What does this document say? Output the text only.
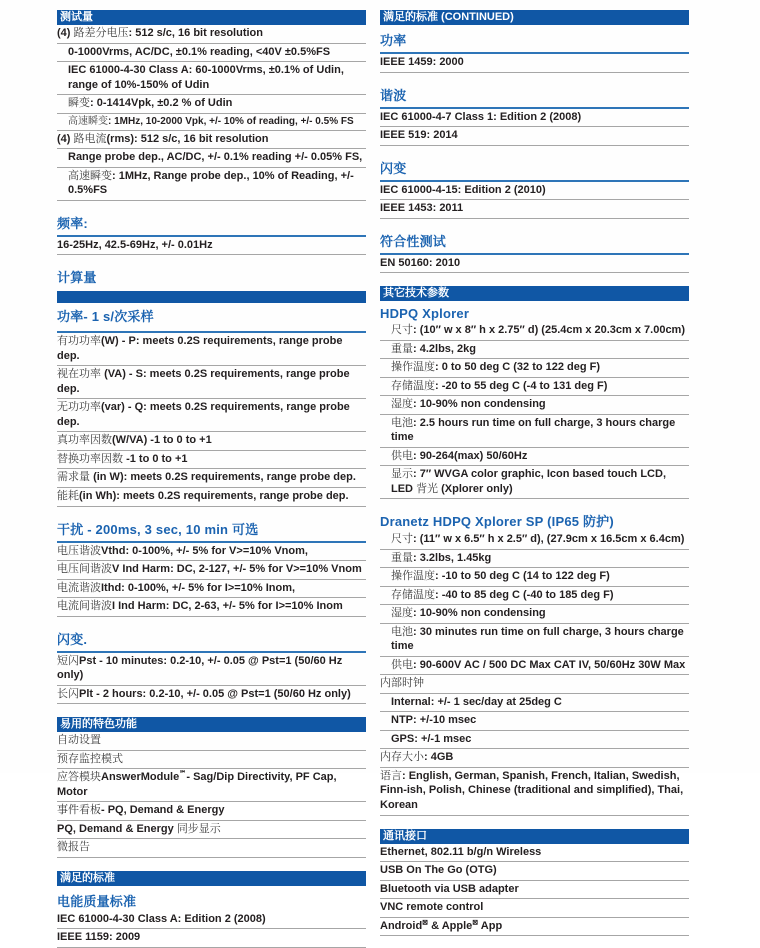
测试量
(4) 路差分电压: 512 s/c, 16 bit resolution
0-1000Vrms, AC/DC, ±0.1% reading, <40V ±0.5%FS
IEC 61000-4-30 Class A: 60-1000Vrms, ±0.1% of Udin, range of 10%-150% of Udin
瞬变: 0-1414Vpk, ±0.2 % of Udin
高速瞬变: 1MHz, 10-2000 Vpk, +/- 10% of reading, +/- 0.5% FS
(4) 路电流(rms): 512 s/c, 16 bit resolution
Range probe dep., AC/DC, +/- 0.1% reading +/- 0.05% FS,
高速瞬变: 1MHz, Range probe dep., 10% of Reading, +/- 0.5%FS
频率:
16-25Hz, 42.5-69Hz, +/- 0.01Hz
计算量
功率- 1 s/次采样
有功功率(W) - P: meets 0.2S requirements, range probe dep.
视在功率 (VA) - S: meets 0.2S requirements, range probe dep.
无功功率(var) - Q: meets 0.2S requirements, range probe dep.
真功率因数(W/VA) -1 to 0 to +1
替换功率因数 -1 to 0 to +1
需求量 (in W): meets 0.2S requirements, range probe dep.
能耗(in Wh): meets 0.2S requirements, range probe dep.
干扰 - 200ms, 3 sec, 10 min 可选
电压谐波Vthd: 0-100%, +/- 5% for V>=10% Vnom,
电压间谐波V Ind Harm: DC, 2-127, +/- 5% for V>=10% Vnom
电流谐波Ithd: 0-100%, +/- 5% for I>=10% Inom,
电流间谐波I Ind Harm: DC, 2-63, +/- 5% for I>=10% Inom
闪变.
短闪Pst - 10 minutes: 0.2-10, +/- 0.05 @ Pst=1 (50/60 Hz only)
长闪Plt - 2 hours: 0.2-10, +/- 0.05 @ Pst=1 (50/60 Hz only)
易用的特色功能
自动设置
预存监控模式
应答模块AnswerModule℠- Sag/Dip Directivity, PF Cap, Motor
事件看板- PQ, Demand & Energy
PQ, Demand & Energy 同步显示
微报告
满足的标准
电能质量标准
IEC 61000-4-30 Class A: Edition 2 (2008)
IEEE 1159: 2009
满足的标准 (CONTINUED)
功率
IEEE 1459: 2000
谐波
IEC 61000-4-7 Class 1: Edition 2 (2008)
IEEE 519: 2014
闪变
IEC 61000-4-15: Edition 2 (2010)
IEEE 1453: 2011
符合性测试
EN 50160: 2010
其它技术参数
HDPQ Xplorer
尺寸: (10″ w x 8″ h x 2.75″ d) (25.4cm x 20.3cm x 7.00cm)
重量: 4.2lbs, 2kg
操作温度: 0 to 50 deg C (32 to 122 deg F)
存储温度: -20 to 55 deg C (-4 to 131 deg F)
湿度: 10-90% non condensing
电池: 2.5 hours run time on full charge, 3 hours charge time
供电: 90-264(max) 50/60Hz
显示: 7″ WVGA color graphic, Icon based touch LCD, LED 背光 (Xplorer only)
Dranetz HDPQ Xplorer SP (IP65 防护)
尺寸: (11″ w x 6.5″ h x 2.5″ d), (27.9cm x 16.5cm x 6.4cm)
重量: 3.2lbs, 1.45kg
操作温度: -10 to 50 deg C (14 to 122 deg F)
存储温度: -40 to 85 deg C (-40 to 185 deg F)
湿度: 10-90% non condensing
电池: 30 minutes run time on full charge, 3 hours charge time
供电: 90-600V AC / 500 DC Max CAT IV, 50/60Hz 30W Max
内部时钟
Internal: +/- 1 sec/day at 25deg C
NTP: +/-10 msec
GPS: +/-1 msec
内存大小: 4GB
语言: English, German, Spanish, French, Italian, Swedish, Finn-ish, Polish, Chinese (traditional and simplified), Thai, Korean
通讯接口
Ethernet, 802.11 b/g/n Wireless
USB On The Go (OTG)
Bluetooth via USB adapter
VNC remote control
Android⊠ & Apple⊠ App
